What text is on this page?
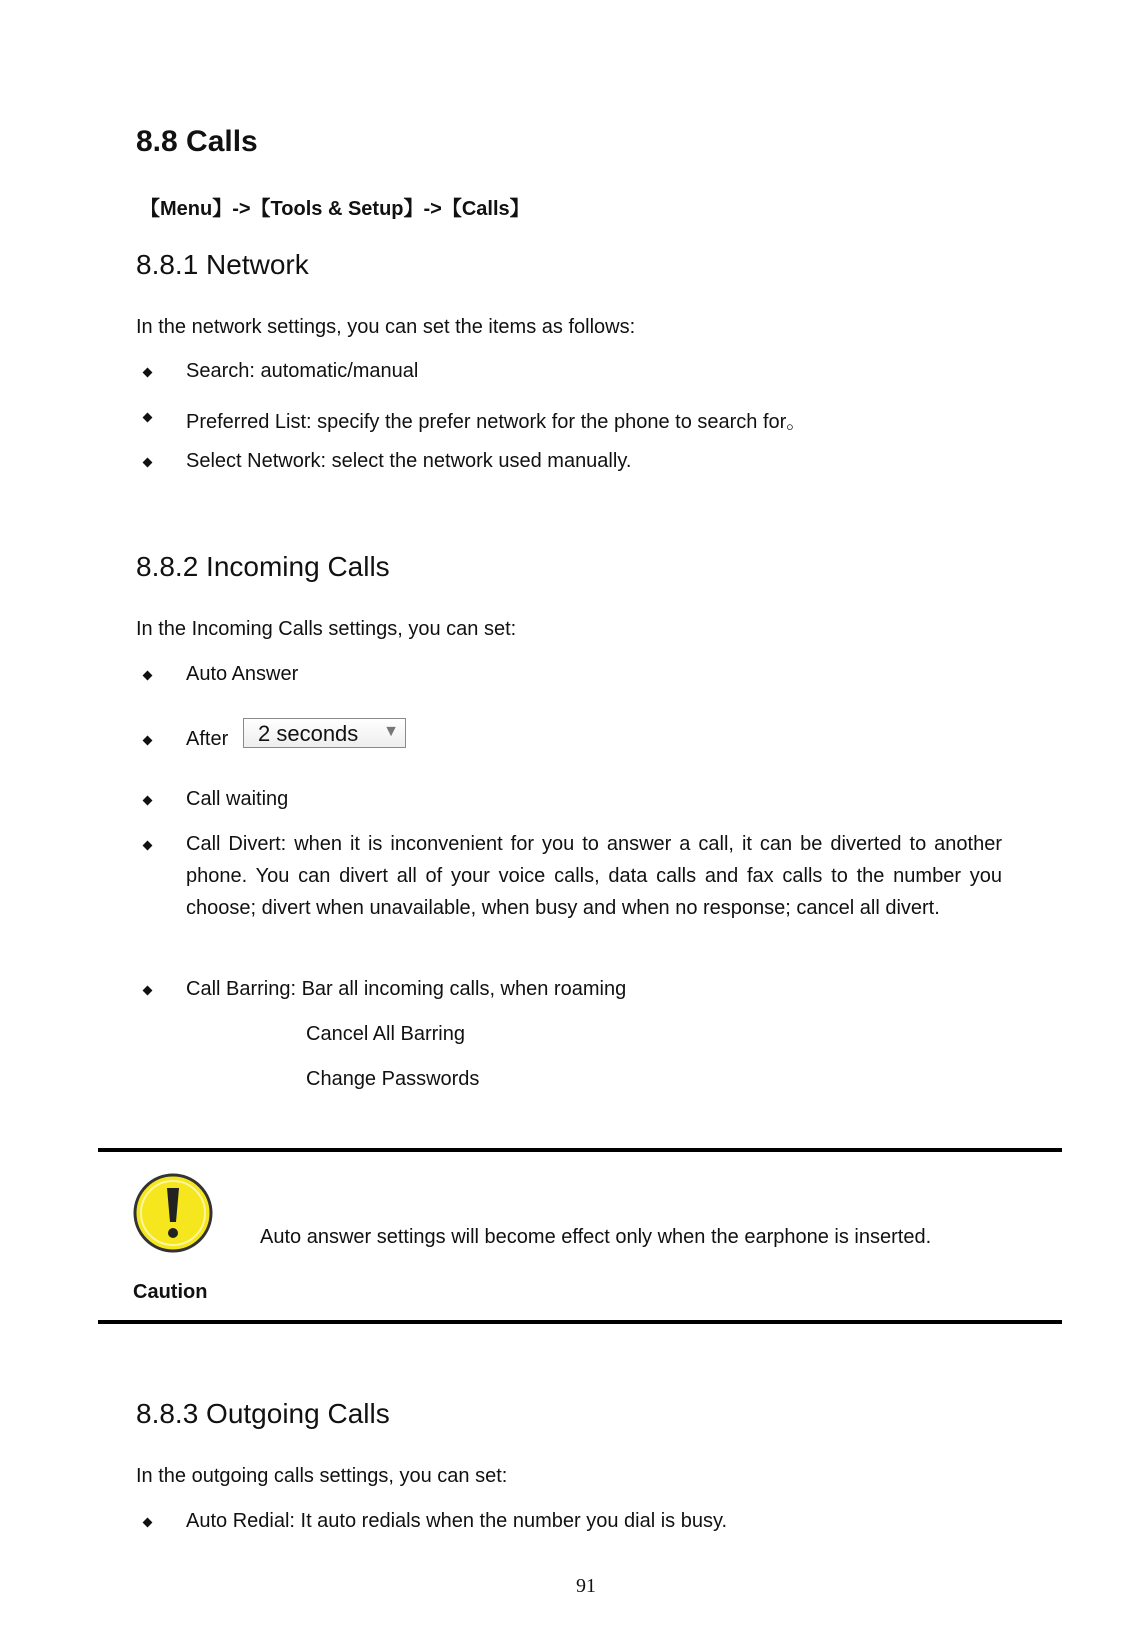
8.8 Calls
【Menu】->【Tools & Setup】->【Calls】
8.8.1 Network
In the network settings, you can set the items as follows:
Search: automatic/manual
Preferred List: specify the prefer network for the phone to search for。
Select Network: select the network used manually.
8.8.2 Incoming Calls
In the Incoming Calls settings, you can set:
Auto Answer
After 2 seconds ▼
Call waiting
Call Divert: when it is inconvenient for you to answer a call, it can be diverted to another phone. You can divert all of your voice calls, data calls and fax calls to the number you choose; divert when unavailable, when busy and when no response; cancel all divert.
Call Barring: Bar all incoming calls, when roaming
Cancel All Barring
Change Passwords
Auto answer settings will become effect only when the earphone is inserted.
Caution
8.8.3 Outgoing Calls
In the outgoing calls settings, you can set:
Auto Redial: It auto redials when the number you dial is busy.
91
